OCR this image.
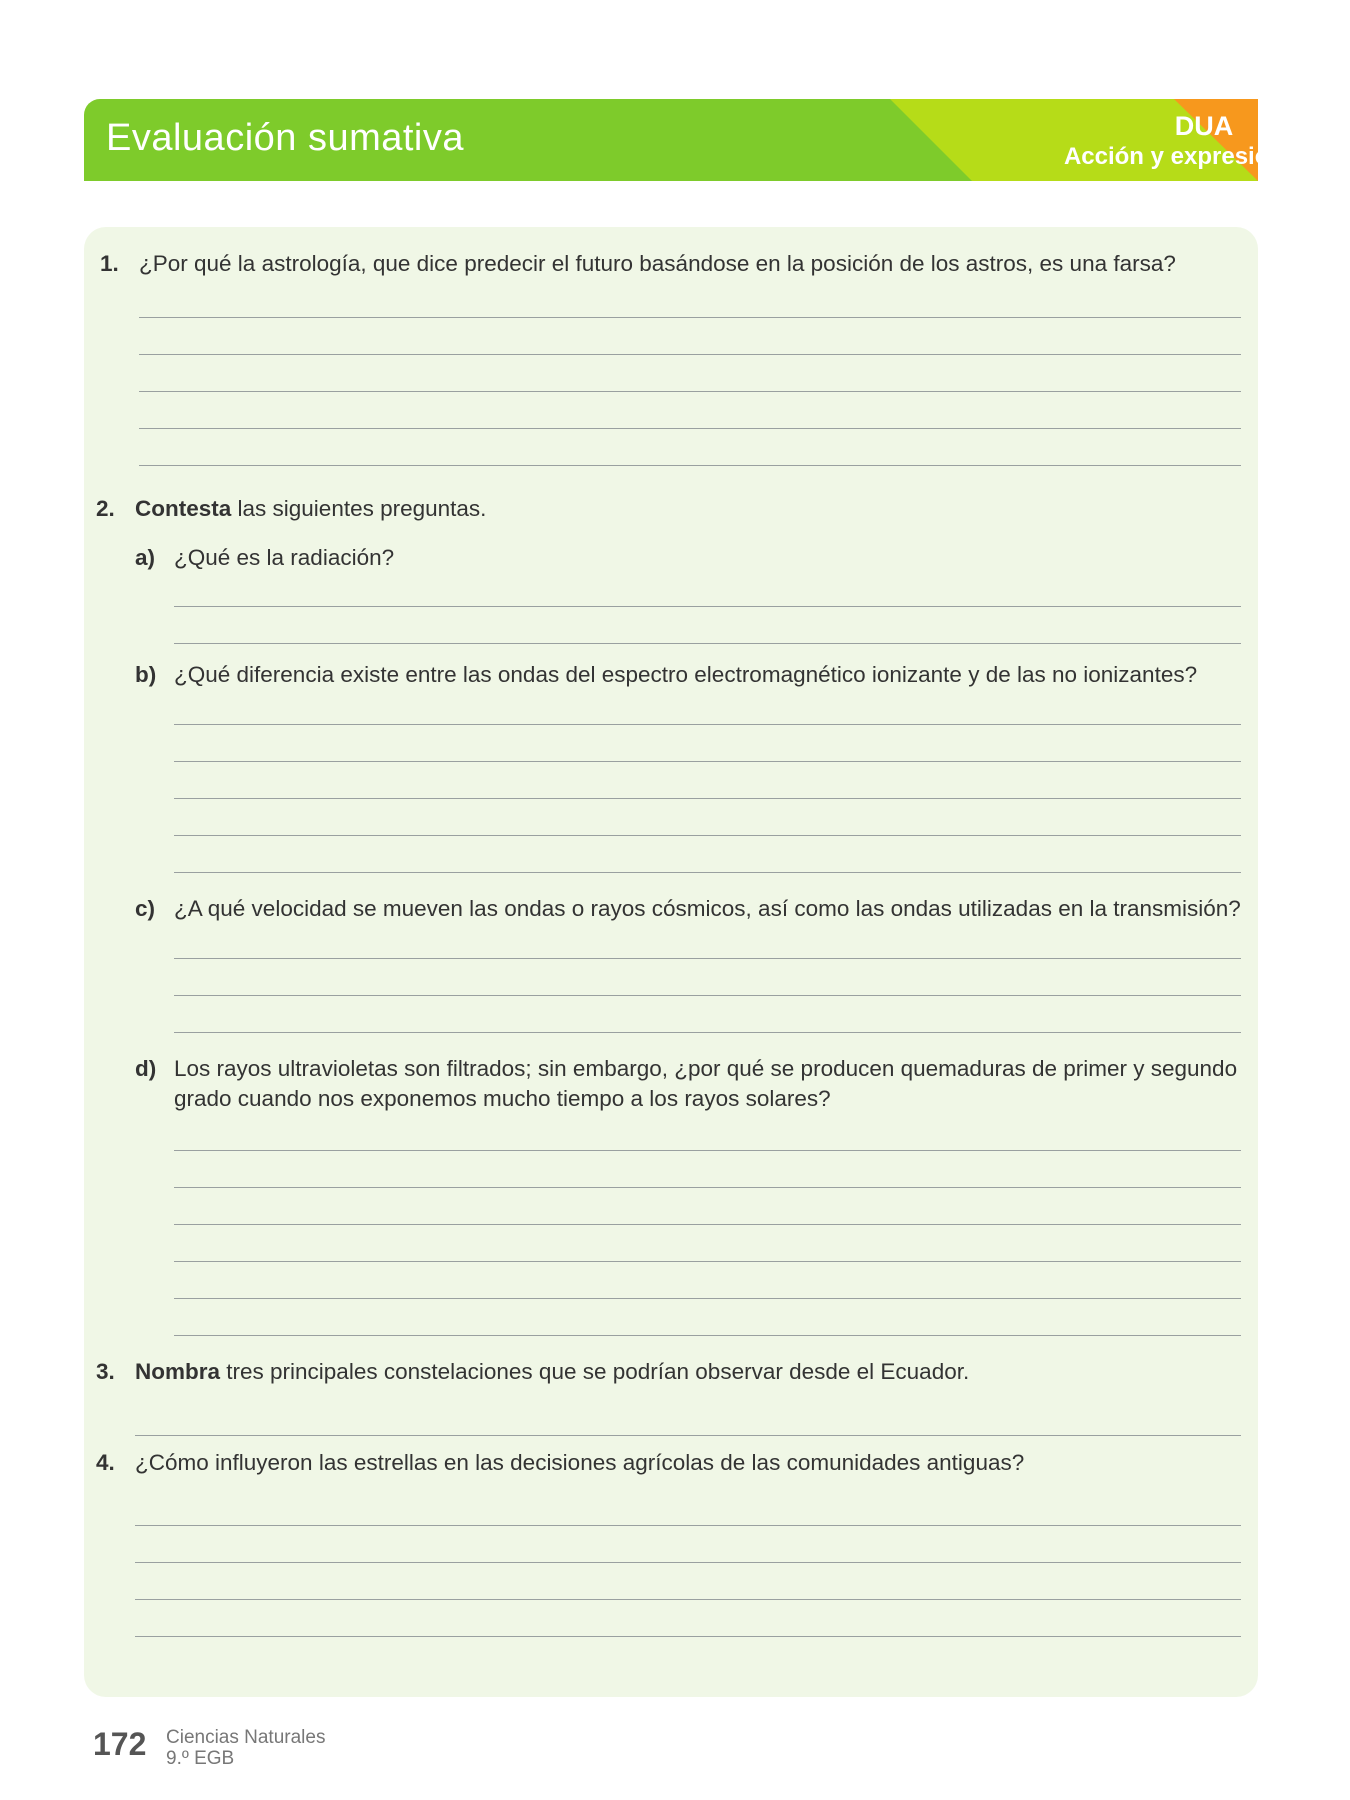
Evaluación sumativa	DUA
Acción y expresión
1. ¿Por qué la astrología, que dice predecir el futuro basándose en la posición de los astros, es una farsa?
2. Contesta las siguientes preguntas.
a) ¿Qué es la radiación?
b) ¿Qué diferencia existe entre las ondas del espectro electromagnético ionizante y de las no ionizantes?
c) ¿A qué velocidad se mueven las ondas o rayos cósmicos, así como las ondas utilizadas en la transmisión?
d) Los rayos ultravioletas son filtrados; sin embargo, ¿por qué se producen quemaduras de primer y segundo
grado cuando nos exponemos mucho tiempo a los rayos solares?
3. Nombra tres principales constelaciones que se podrían observar desde el Ecuador.
4. ¿Cómo influyeron las estrellas en las decisiones agrícolas de las comunidades antiguas?
172 Ciencias Naturales
9.º EGB
